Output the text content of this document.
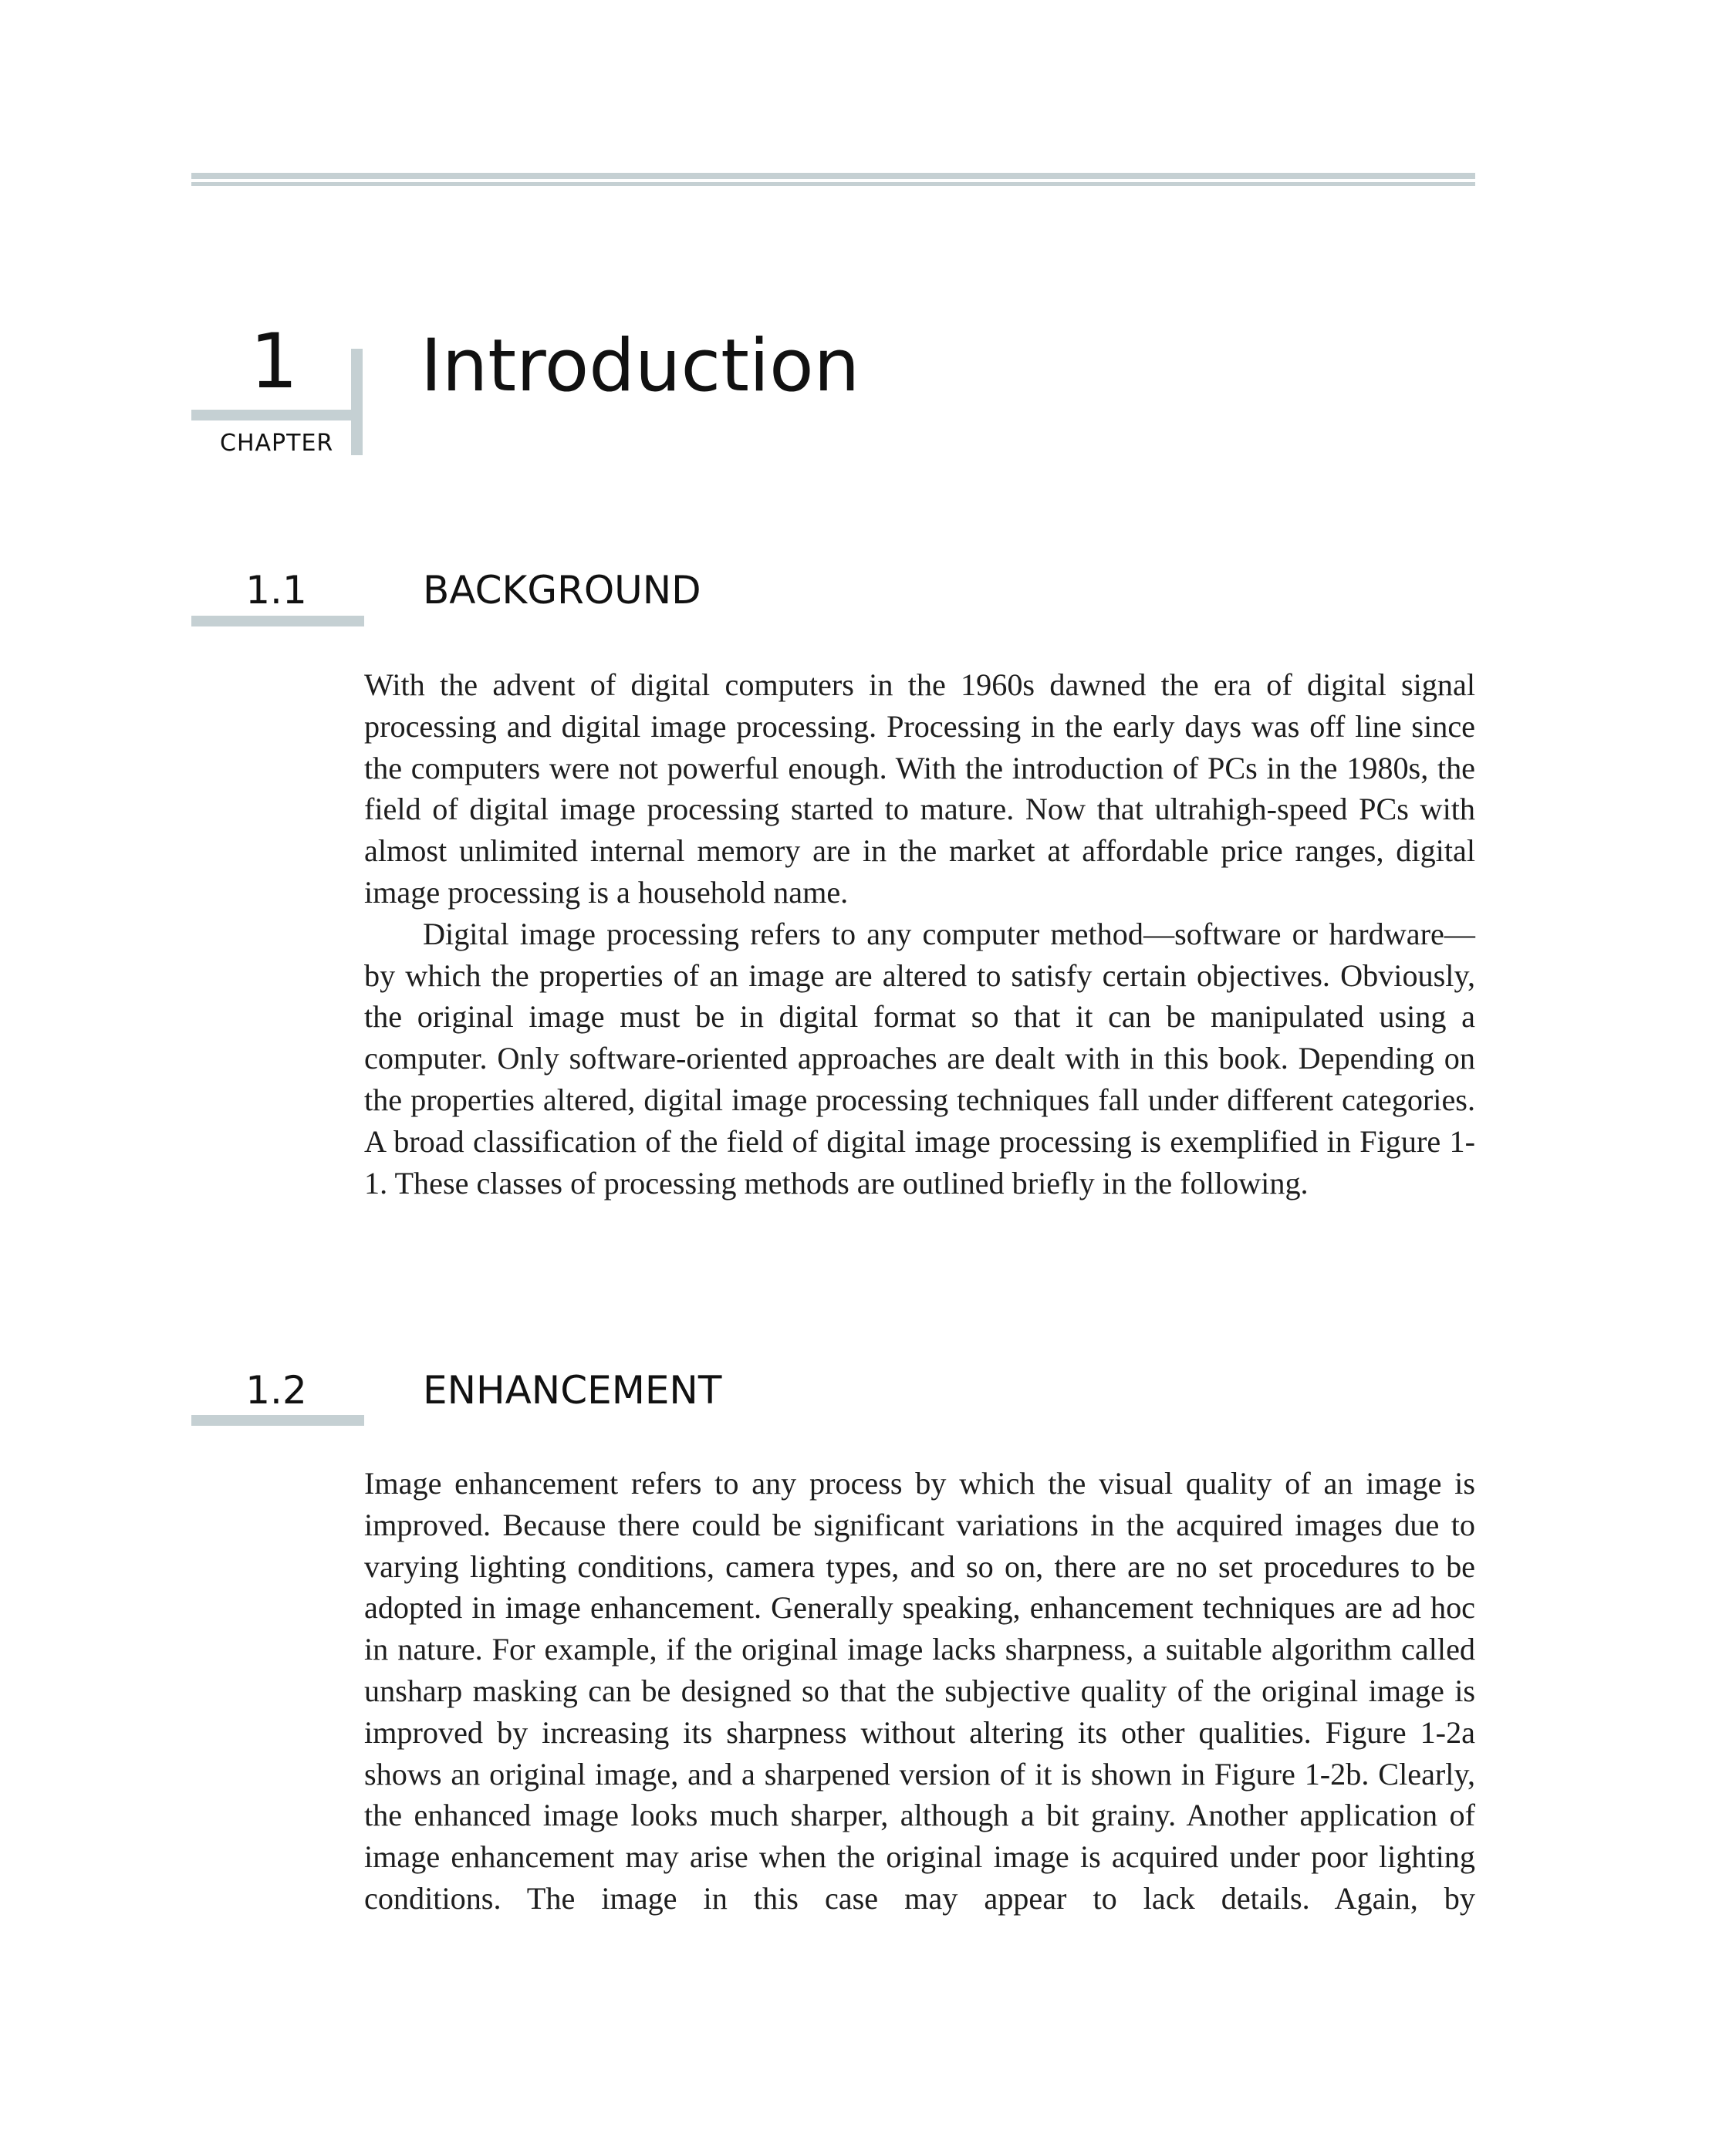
1
CHAPTER
Introduction
1.1	BACKGROUND

With the advent of digital computers in the 1960s dawned the era of digital signal processing and digital image processing. Processing in the early days was off line since the computers were not powerful enough. With the introduction of PCs in the 1980s, the field of digital image processing started to mature. Now that ultrahigh-speed PCs with almost unlimited internal memory are in the market at affordable price ranges, digital image processing is a household name.

Digital image processing refers to any computer method—software or hardware—by which the properties of an image are altered to satisfy certain objectives. Obviously, the original image must be in digital format so that it can be manipulated using a computer. Only software-oriented approaches are dealt with in this book. Depending on the properties altered, digital image processing techniques fall under different categories. A broad classification of the field of digital image processing is exemplified in Figure 1-1. These classes of processing methods are outlined briefly in the following.

1.2	ENHANCEMENT

Image enhancement refers to any process by which the visual quality of an image is improved. Because there could be significant variations in the acquired images due to varying lighting conditions, camera types, and so on, there are no set procedures to be adopted in image enhancement. Generally speaking, enhancement techniques are ad hoc in nature. For example, if the original image lacks sharpness, a suitable algorithm called unsharp masking can be designed so that the subjective quality of the original image is improved by increasing its sharpness without altering its other qualities. Figure 1-2a shows an original image, and a sharpened version of it is shown in Figure 1-2b. Clearly, the enhanced image looks much sharper, although a bit grainy. Another application of image enhancement may arise when the original image is acquired under poor lighting conditions. The image in this case may appear to lack details. Again, by
